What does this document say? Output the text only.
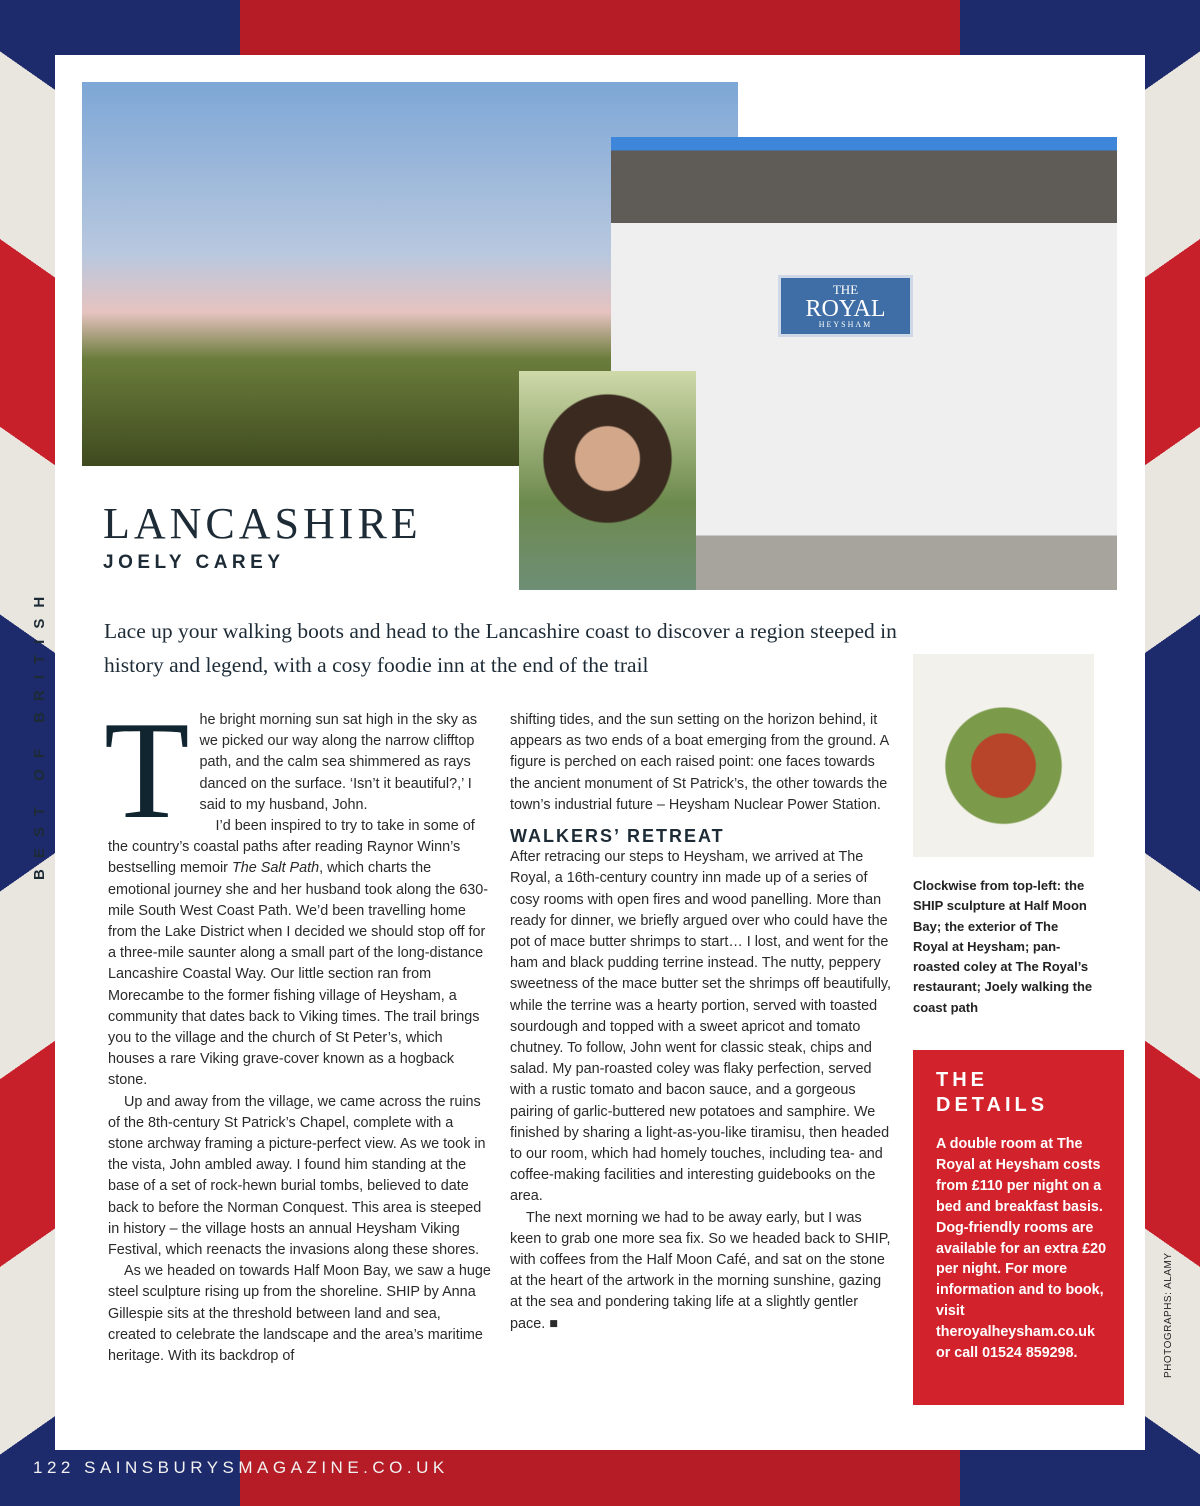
THE
ROYAL
HEYSHAM
BEST OF BRITISH
LANCASHIRE
JOELY CAREY
Lace up your walking boots and head to the Lancashire coast to discover a region steeped in history and legend, with a cosy foodie inn at the end of the trail

The bright morning sun sat high in the sky as we picked our way along the narrow clifftop path, and the calm sea shimmered as rays danced on the surface. ‘Isn’t it beautiful?,’ I said to my husband, John.

I’d been inspired to try to take in some of the country’s coastal paths after reading Raynor Winn’s bestselling memoir The Salt Path, which charts the emotional journey she and her husband took along the 630-mile South West Coast Path. We’d been travelling home from the Lake District when I decided we should stop off for a three-mile saunter along a small part of the long-distance Lancashire Coastal Way. Our little section ran from Morecambe to the former fishing village of Heysham, a community that dates back to Viking times. The trail brings you to the village and the church of St Peter’s, which houses a rare Viking grave-cover known as a hogback stone.

Up and away from the village, we came across the ruins of the 8th-century St Patrick’s Chapel, complete with a stone archway framing a picture-perfect view. As we took in the vista, John ambled away. I found him standing at the base of a set of rock-hewn burial tombs, believed to date back to before the Norman Conquest. This area is steeped in history – the village hosts an annual Heysham Viking Festival, which reenacts the invasions along these shores.

As we headed on towards Half Moon Bay, we saw a huge steel sculpture rising up from the shoreline. SHIP by Anna Gillespie sits at the threshold between land and sea, created to celebrate the landscape and the area’s maritime heritage. With its backdrop of

shifting tides, and the sun setting on the horizon behind, it appears as two ends of a boat emerging from the ground. A figure is perched on each raised point: one faces towards the ancient monument of St Patrick’s, the other towards the town’s industrial future – Heysham Nuclear Power Station.

WALKERS’ RETREAT

After retracing our steps to Heysham, we arrived at The Royal, a 16th-century country inn made up of a series of cosy rooms with open fires and wood panelling. More than ready for dinner, we briefly argued over who could have the pot of mace butter shrimps to start… I lost, and went for the ham and black pudding terrine instead. The nutty, peppery sweetness of the mace butter set the shrimps off beautifully, while the terrine was a hearty portion, served with toasted sourdough and topped with a sweet apricot and tomato chutney. To follow, John went for classic steak, chips and salad. My pan-roasted coley was flaky perfection, served with a rustic tomato and bacon sauce, and a gorgeous pairing of garlic-buttered new potatoes and samphire. We finished by sharing a light-as-you-like tiramisu, then headed to our room, which had homely touches, including tea- and coffee-making facilities and interesting guidebooks on the area.

The next morning we had to be away early, but I was keen to grab one more sea fix. So we headed back to SHIP, with coffees from the Half Moon Café, and sat on the stone at the heart of the artwork in the morning sunshine, gazing at the sea and pondering taking life at a slightly gentler pace. ■

Clockwise from top-left: the SHIP sculpture at Half Moon Bay; the exterior of The Royal at Heysham; pan-roasted coley at The Royal’s restaurant; Joely walking the coast path
THE
DETAILS

A double room at The Royal at Heysham costs from £110 per night on a bed and breakfast basis. Dog-friendly rooms are available for an extra £20 per night. For more information and to book, visit theroyalheysham.co.uk or call 01524 859298.	PHOTOGRAPHS: ALAMY
122 SAINSBURYSMAGAZINE.CO.UK
